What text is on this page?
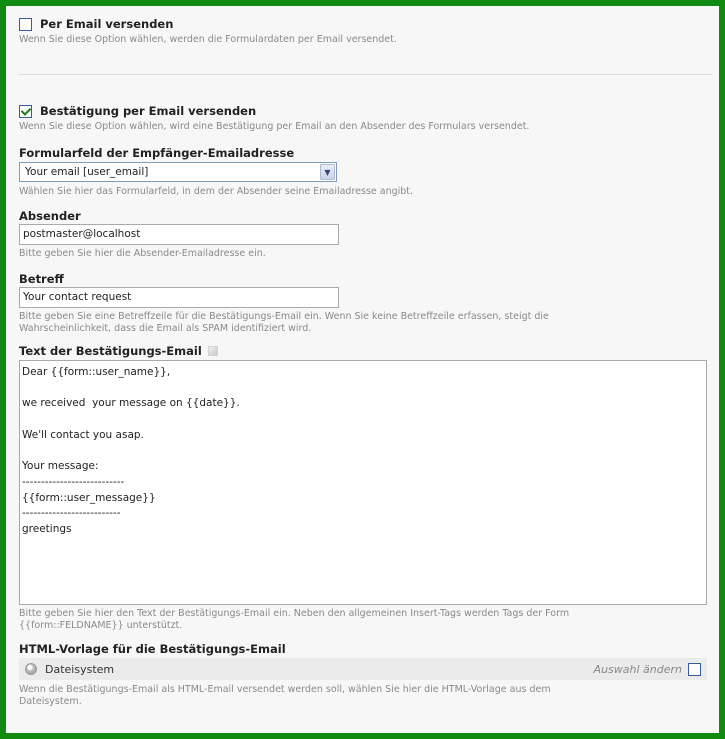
Per Email versenden
Wenn Sie diese Option wählen, werden die Formulardaten per Email versendet.
Bestätigung per Email versenden
Wenn Sie diese Option wählen, wird eine Bestätigung per Email an den Absender des Formulars versendet.
Formularfeld der Empfänger-Emailadresse
Your email [user_email]	▼
Wählen Sie hier das Formularfeld, in dem der Absender seine Emailadresse angibt.
Absender
postmaster@localhost
Bitte geben Sie hier die Absender-Emailadresse ein.
Betreff
Your contact request
Bitte geben Sie eine Betreffzeile für die Bestätigungs-Email ein. Wenn Sie keine Betreffzeile erfassen, steigt die
Wahrscheinlichkeit, dass die Email als SPAM identifiziert wird.
Text der Bestätigungs-Email
Dear {{form::user_name}},

we received  your message on {{date}}.

We'll contact you asap.

Your message:
---------------------------
{{form::user_message}}
--------------------------
greetings
Bitte geben Sie hier den Text der Bestätigungs-Email ein. Neben den allgemeinen Insert-Tags werden Tags der Form
{{form::FELDNAME}} unterstützt.
HTML-Vorlage für die Bestätigungs-Email
Dateisystem	Auswahl ändern
Wenn die Bestätigungs-Email als HTML-Email versendet werden soll, wählen Sie hier die HTML-Vorlage aus dem
Dateisystem.
